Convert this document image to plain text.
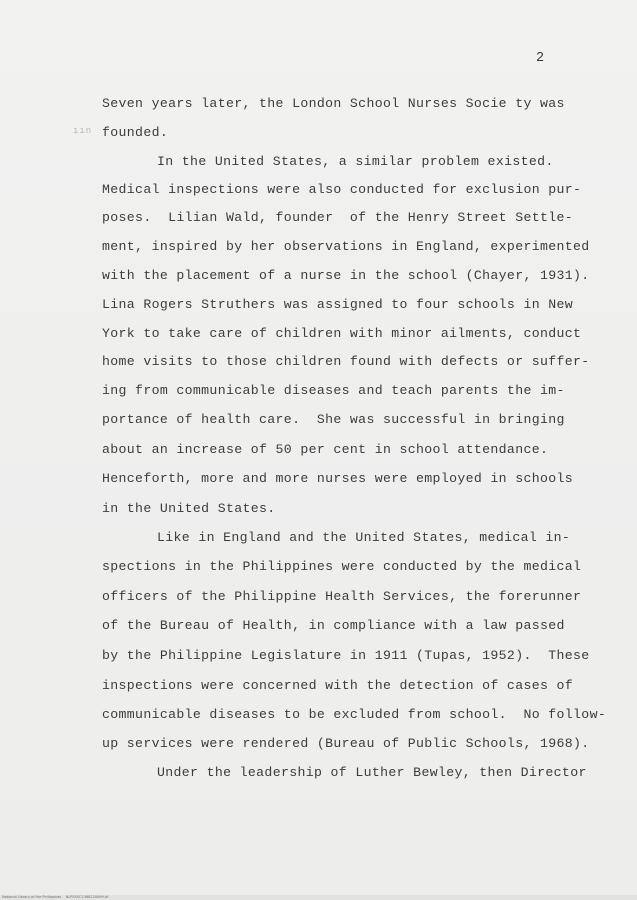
2
ıın
Seven years later, the London School Nurses Socie ty was
founded.
In the United States, a similar problem existed.
Medical inspections were also conducted for exclusion pur-
poses.  Lilian Wald, founder  of the Henry Street Settle-
ment, inspired by her observations in England, experimented
with the placement of a nurse in the school (Chayer, 1931).
Lina Rogers Struthers was assigned to four schools in New
York to take care of children with minor ailments, conduct
home visits to those children found with defects or suffer-
ing from communicable diseases and teach parents the im-
portance of health care.  She was successful in bringing
about an increase of 50 per cent in school attendance.
Henceforth, more and more nurses were employed in schools
in the United States.
Like in England and the United States, medical in-
spections in the Philippines were conducted by the medical
officers of the Philippine Health Services, the forerunner
of the Bureau of Health, in compliance with a law passed
by the Philippine Legislature in 1911 (Tupas, 1952).  These
inspections were concerned with the detection of cases of
communicable diseases to be excluded from school.  No follow-
up services were rendered (Bureau of Public Schools, 1968).
Under the leadership of Luther Bewley, then Director
National Library of the Philippines    NLPSSSC1368220099.tif
